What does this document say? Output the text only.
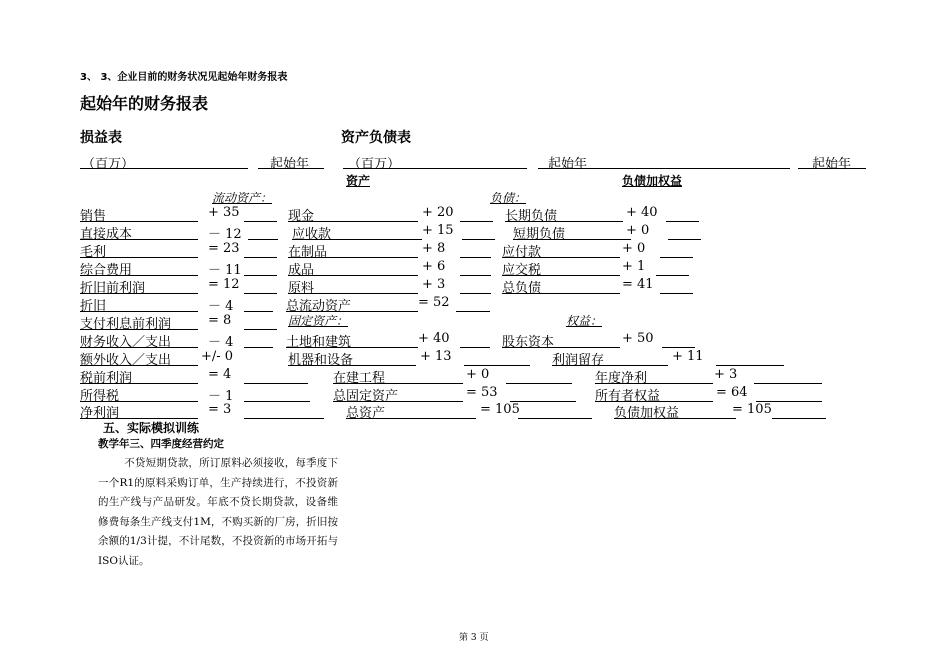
3、 3、企业目前的财务状况见起始年财务报表
起始年的财务报表
损益表	资产负债表
（百万）	起始年	（百万）	起始年	起始年
资产	负债加权益
流动资产：	负债：
销售	+ 35
直接成本	－ 12
毛利	= 23
综合费用	－ 11
折旧前利润	= 12
折旧	－ 4
支付利息前利润	= 8
财务收入／支出	－ 4
额外收入／支出 +/- 0
税前利润	= 4
所得税	－ 1
净利润	= 3
现金	+ 20
应收款	+ 15
在制品	+ 8
成品	+ 6
原料	+ 3
总流动资产	= 52
土地和建筑	+ 40
机器和设备	+ 13
在建工程	+ 0
总固定资产	= 53
总资产	= 105
长期负债	+ 40
短期负债	+ 0
应付款	+ 0
应交税	+ 1
总负债	= 41
股东资本	+ 50
利润留存	+ 11
年度净利	+ 3
所有者权益	= 64
负债加权益	= 105
固定资产：	权益：
五、实际模拟训练
教学年三、四季度经营约定
不贷短期贷款，所订原料必须接收，每季度下一个R1的原料采购订单，生产持续进行，不投资新的生产线与产品研发。年底不贷长期贷款，设备维修费每条生产线支付1M，不购买新的厂房，折旧按余额的1/3计提，不计尾数，不投资新的市场开拓与ISO认证。
第 3 页
